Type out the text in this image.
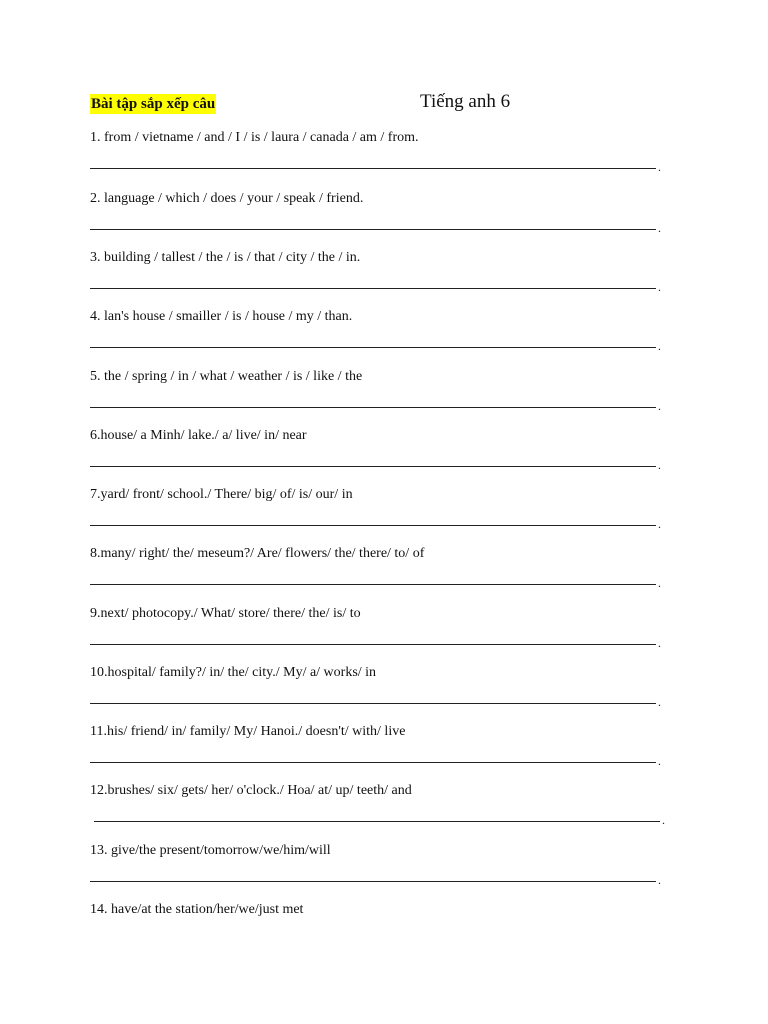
Bài tập sắp xếp câu	Tiếng anh 6
1. from / vietname / and / I / is / laura / canada / am / from.
.
2. language / which / does / your / speak / friend.
.
3. building / tallest / the / is / that / city / the / in.
.
4. lan's house / smailler / is / house / my / than.
.
5. the / spring / in / what / weather / is / like / the
.
6.house/ a Minh/ lake./ a/ live/ in/ near
.
7.yard/ front/ school./ There/ big/ of/ is/ our/ in
.
8.many/ right/ the/ meseum?/ Are/ flowers/ the/ there/ to/ of
.
9.next/ photocopy./ What/ store/ there/ the/ is/ to
.
10.hospital/ family?/ in/ the/ city./ My/ a/ works/ in
.
11.his/ friend/ in/ family/ My/ Hanoi./ doesn't/ with/ live
.
12.brushes/ six/ gets/ her/ o'clock./ Hoa/ at/ up/ teeth/ and
.
13. give/the present/tomorrow/we/him/will
.
14. have/at the station/her/we/just met
